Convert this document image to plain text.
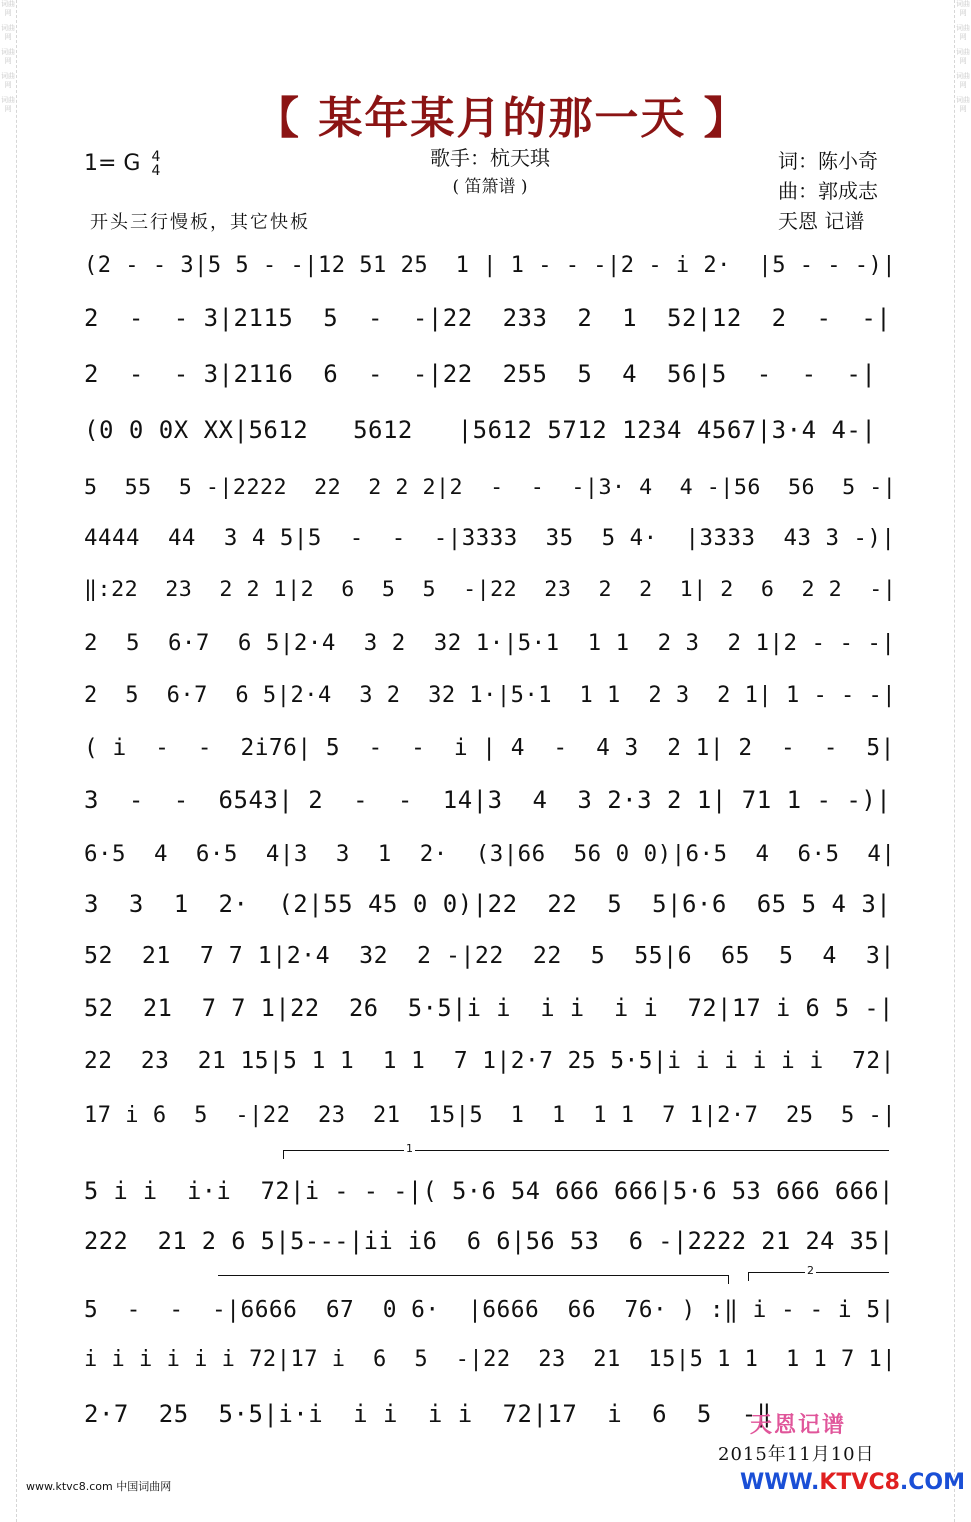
词曲网
词曲网
词曲网
词曲网
词曲网
词曲网
词曲网
词曲网
词曲网
词曲网
【 某年某月的那一天 】
1= G 4
4
歌手：杭天琪
( 笛箫谱 )
词：陈小奇
曲：郭成志
天恩 记谱
开头三行慢板，其它快板
(2 - - 3|5 5 - -|12 51 25  1 | 1 - - -|2 - i 2·  |5 - - -)|
2  -  - 3|2115  5  -  -|22  233  2  1  52|12  2  -  -|
2  -  - 3|2116  6  -  -|22  255  5  4  56|5  -  -  -|
(0 0 0X XX|5612   5612   |5612 5712 1234 4567|3·4 4-|
5  55  5 -|2222  22  2 2 2|2  -  -  -|3· 4  4 -|56  56  5 -|
4444  44  3 4 5|5  -  -  -|3333  35  5 4·  |3333  43 3 -)|
‖:22  23  2 2 1|2  6  5  5  -|22  23  2  2  1| 2  6  2 2  -|
2  5  6·7  6 5|2·4  3 2  32 1·|5·1  1 1  2 3  2 1|2 - - -|
2  5  6·7  6 5|2·4  3 2  32 1·|5·1  1 1  2 3  2 1| 1 - - -|
( i  -  -  2i76| 5  -  -  i | 4  -  4 3  2 1| 2  -  -  5|
3  -  -  6543| 2  -  -  14|3  4  3 2·3 2 1| 71 1 - -)|
6·5  4  6·5  4|3  3  1  2·  (3|66  56 0 0)|6·5  4  6·5  4|
3  3  1  2·  (2|55 45 0 0)|22  22  5  5|6·6  65 5 4 3|
52  21  7 7 1|2·4  32  2 -|22  22  5  55|6  65  5  4  3|
52  21  7 7 1|22  26  5·5|i i  i i  i i  72|17 i 6 5 -|
22  23  21 15|5 1 1  1 1  7 1|2·7 25 5·5|i i i i i i  72|
17 i 6  5  -|22  23  21  15|5  1  1  1 1  7 1|2·7  25  5 -|
5 i i  i·i  72|i - - -|( 5·6 54 666 666|5·6 53 666 666|
222  21 2 6 5|5---|ii i6  6 6|56 53  6 -|2222 21 24 35|
5  -  -  -|6666  67  0 6·  |6666  66  76· ) :‖ i - - i 5|
i i i i i i 72|17 i  6  5  -|22  23  21  15|5 1 1  1 1 7 1|
2·7  25  5·5|i·i  i i  i i  72|17  i  6  5  -‖
1
2
天恩记谱
2015年11月10日
www.ktvc8.com 中国词曲网	WWW.KTVC8.COM
